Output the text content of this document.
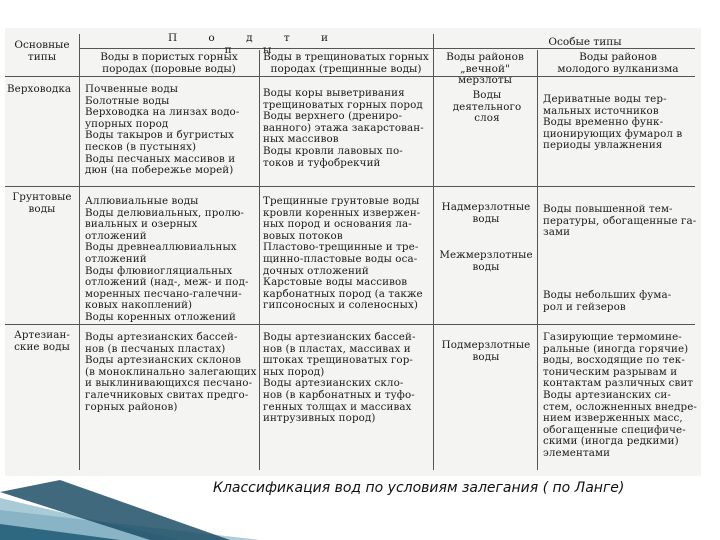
Основные
типы
П о д т и п ы
Особые типы
Воды в пористых горных
породах (поровые воды)
Воды в трещиноватых горных
породах (трещинные воды)
Воды районов
„вечной" мерзлоты
Воды районов
молодого вулканизма
Верховодка	Почвенные воды
Болотные воды
Верховодка на линзах водо-
упорных пород
Воды такыров и бугристых
песков (в пустынях)
Воды песчаных массивов и
дюн (на побережье морей)
Воды коры выветривания
трещиноватых горных пород
Воды верхнего (дрениро-
ванного) этажа закарстован-
ных массивов
Воды кровли лавовых по-
токов и туфобрекчий
Воды
деятельного
слоя
Дериватные воды тер-
мальных источников
Воды временно функ-
ционирующих фумарол в
периоды увлажнения
Грунтовые
воды
Аллювиальные воды
Воды делювиальных, пролю-
виальных и озерных отложений
Воды древнеаллювиальных
отложений
Воды флювиогляциальных
отложений (над-, меж- и под-
моренных песчано-галечни-
ковых накоплений)
Воды коренных отложений
Трещинные грунтовые воды
кровли коренных извержен-
ных пород и основания ла-
вовых потоков
Пластово-трещинные и тре-
щинно-пластовые воды оса-
дочных отложений
Карстовые воды массивов
карбонатных пород (а также
гипсоносных и соленосных)
Надмерзлотные
воды
Межмерзлотные
воды
Воды повышенной тем-
пературы, обогащенные га-
зами
Воды небольших фума-
рол и гейзеров
Артезиан-
ские воды
Воды артезианских бассей-
нов (в песчаных пластах)
Воды артезианских склонов
(в моноклинально залегающих
и выклинивающихся песчано-
галечниковых свитах предго-
горных районов)
Воды артезианских бассей-
нов (в пластах, массивах и
штоках трещиноватых гор-
ных пород)
Воды артезианских скло-
нов (в карбонатных и туфо-
генных толщах и массивах
интрузивных пород)
Подмерзлотные
воды
Газирующие термомине-
ральные (иногда горячие)
воды, восходящие по тек-
тоническим разрывам и
контактам различных свит
Воды артезианских си-
стем, осложненных внедре-
нием изверженных масс,
обогащенные специфиче-
скими (иногда редкими)
элементами
Классификация вод по условиям залегания ( по Ланге)
